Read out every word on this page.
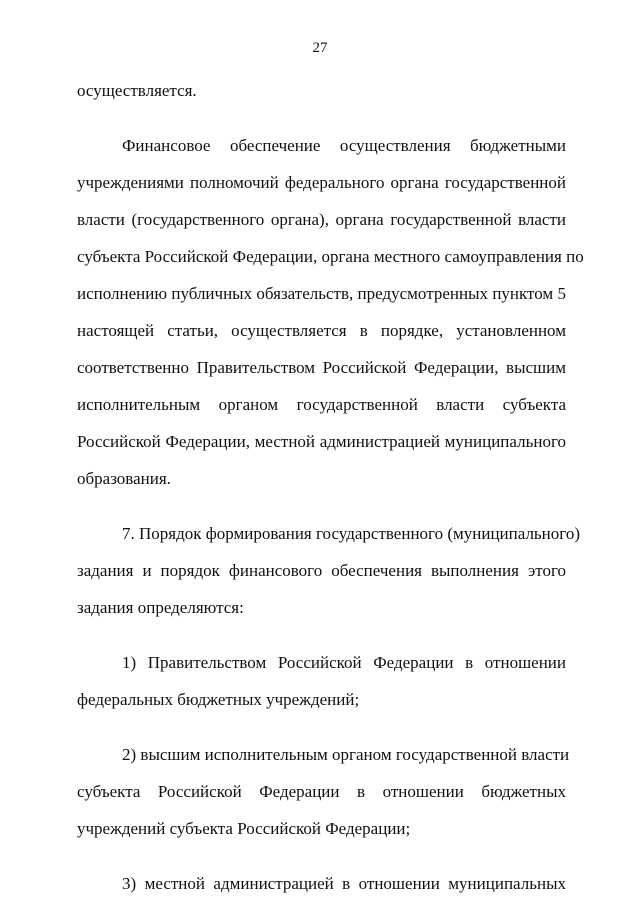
27
осуществляется.
Финансовое обеспечение осуществления бюджетными
учреждениями полномочий федерального органа государственной
власти (государственного органа), органа государственной власти
субъекта Российской Федерации, органа местного самоуправления по
исполнению публичных обязательств, предусмотренных пунктом 5
настоящей статьи, осуществляется в порядке, установленном
соответственно Правительством Российской Федерации, высшим
исполнительным органом государственной власти субъекта
Российской Федерации, местной администрацией муниципального
образования.
7. Порядок формирования государственного (муниципального)
задания и порядок финансового обеспечения выполнения этого
задания определяются:
1) Правительством Российской Федерации в отношении
федеральных бюджетных учреждений;
2) высшим исполнительным органом государственной власти
субъекта Российской Федерации в отношении бюджетных
учреждений субъекта Российской Федерации;
3) местной администрацией в отношении муниципальных
